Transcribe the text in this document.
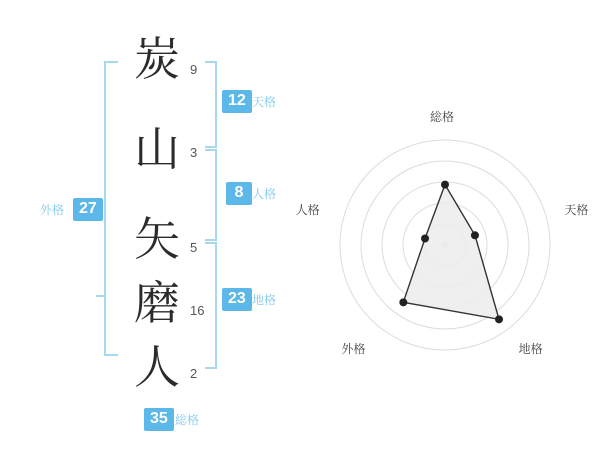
炭
山
矢
磨
人
9
3
5
16
2
12 天格
8 人格
23 地格
27
外格
35 総格
総格
天格
地格
外格
人格
